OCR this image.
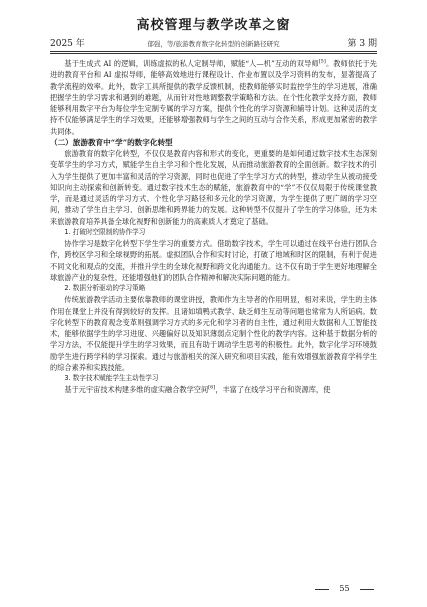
高校管理与教学改革之窗
郁强，等/旅游教育数字化转型的创新路径研究
2025 年	第 3 期

基于生成式 AI 的逻辑，训练虚拟的私人定制导师，赋能“人—机”互动的双导师[5]。教师依托于先进的教育平台和 AI 虚拟导师，能够高效地进行课程设计、作业布置以及学习资料的发布，显著提高了教学流程的效率。此外，数字工具所提供的教学反馈机制，使教师能够实时监控学生的学习进展，准确把握学生的学习需求和遇到的难题，从而针对性地调整教学策略和方法。在个性化教学支持方面，教师能够利用数字平台为每位学生定制专属的学习方案，提供个性化的学习资源和辅导计划。这种灵活的支持不仅能够满足学生的学习效果，还能够增强教师与学生之间的互动与合作关系，形成更加紧密的教学共同体。

（二）旅游教育中“学”的数字化转型

旅游教育的数字化转型，不仅仅是教育内容和形式的变化，更重要的是如何通过数字技术生态深刻变革学生的学习方式，赋能学生自主学习和个性化发展，从而推动旅游教育的全面创新。数字技术的引入为学生提供了更加丰富和灵活的学习资源，同时也促进了学生学习方式的转型，推动学生从被动接受知识向主动探索和创新转变。通过数字技术生态的赋能，旅游教育中的“学”不仅仅局限于传统课堂教学，而是通过灵活的学习方式、个性化学习路径和多元化的学习资源，为学生提供了更广阔的学习空间，推动了学生自主学习、创新思维和跨界能力的发展。这种转型不仅提升了学生的学习体验，还为未来旅游教育培养具备全球化视野和创新能力的高素质人才奠定了基础。

1. 打破时空限制的协作学习

协作学习是数字化转型下学生学习的重要方式。借助数字技术，学生可以通过在线平台进行团队合作，跨校区学习和全球视野的拓展。虚拟团队合作和实时讨论，打破了地域和时区的限制，有利于促进不同文化和观点的交流，并推升学生的全球化视野和跨文化沟通能力。这不仅有助于学生更好地理解全球旅游产业的复杂性，还能增强他们的团队合作精神和解决实际问题的能力。

2. 数据分析驱动的学习策略

传统旅游教学活动主要依靠教师的课堂讲授，教师作为主导者的作用明显，相对来说，学生的主体作用在课堂上并没有得到较好的发挥。且诸如填鸭式教学、缺乏师生互动等问题也常常为人所诟病。数字化转型下的教育观念变革则强调学习方式的多元化和学习者的自主性，通过利用大数据和人工智能技术，能够依据学生的学习进度、兴趣偏好以及知识薄弱点定制个性化的教学内容。这种基于数据分析的学习方法，不仅能提升学生的学习效果，而且有助于调动学生思考的积极性。此外，数字化学习环境鼓励学生进行跨学科的学习探索。通过与旅游相关的深入研究和项目实践，能有效增强旅游教育学科学生的综合素养和实践技能。

3. 数字技术赋能学生主动性学习

基于元宇宙技术构建多维的虚实融合教学空间[6]，丰富了在线学习平台和资源库，使

55
